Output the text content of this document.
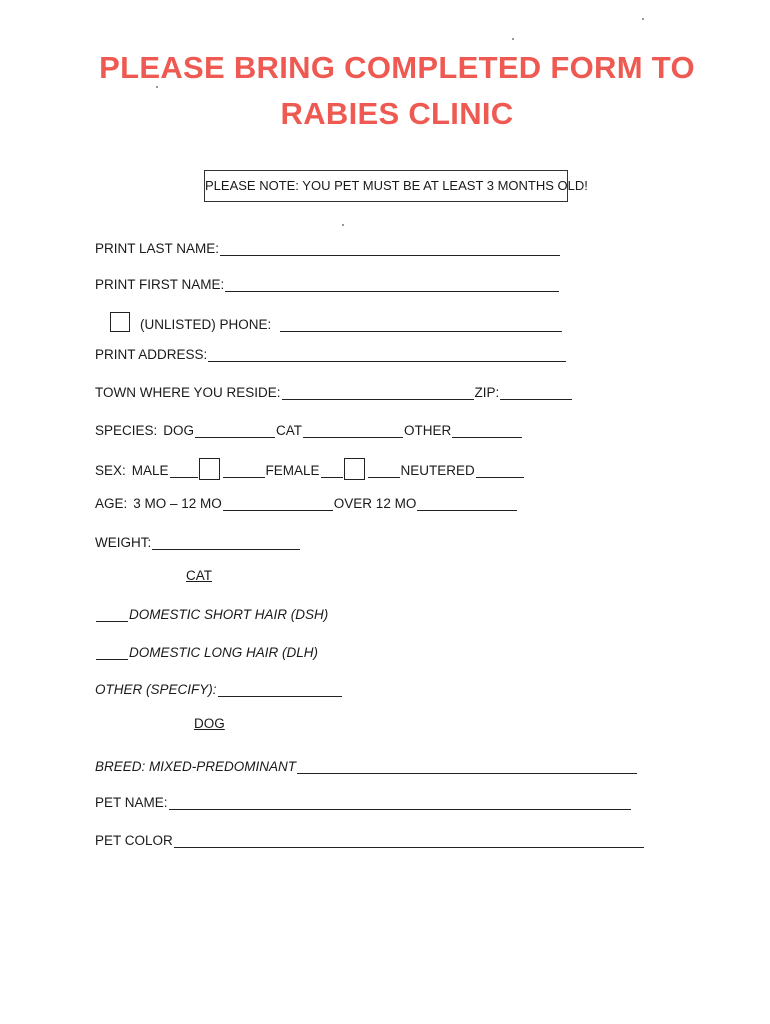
PLEASE BRING COMPLETED FORM TO
RABIES CLINIC
PLEASE NOTE: YOU PET MUST BE AT LEAST 3 MONTHS OLD!
PRINT LAST NAME:
PRINT FIRST NAME:
(UNLISTED) PHONE:
PRINT ADDRESS:
TOWN WHERE YOU RESIDE:	ZIP:
SPECIES: DOG	CAT	OTHER
SEX: MALE	FEMALE	NEUTERED
AGE: 3 MO – 12 MO	OVER 12 MO
WEIGHT:
CAT
DOMESTIC SHORT HAIR (DSH)
DOMESTIC LONG HAIR (DLH)
OTHER (SPECIFY):
DOG
BREED: MIXED-PREDOMINANT
PET NAME:
PET COLOR
